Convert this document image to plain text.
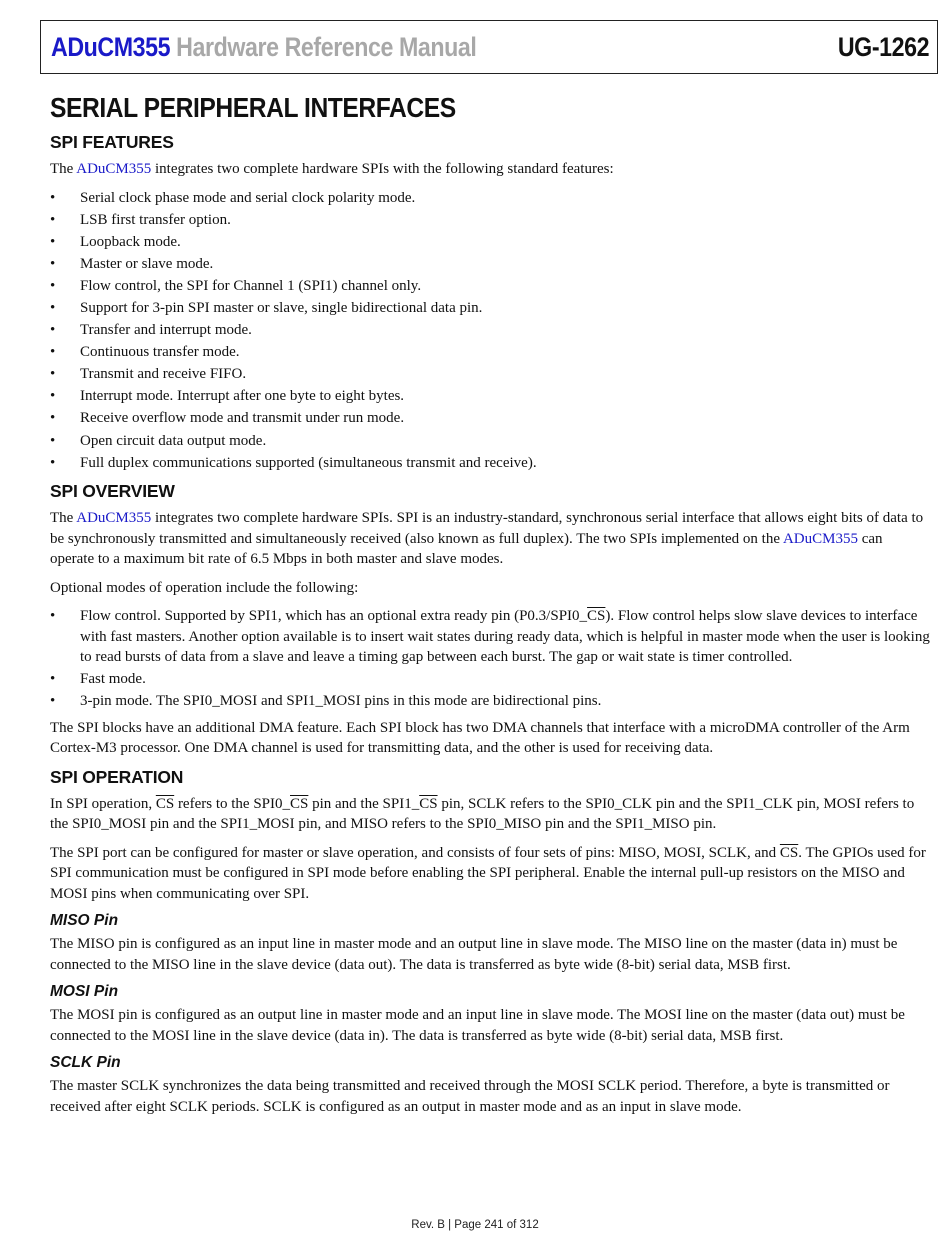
ADuCM355 Hardware Reference Manual	UG-1262
SERIAL PERIPHERAL INTERFACES
SPI FEATURES

The ADuCM355 integrates two complete hardware SPIs with the following standard features:

• Serial clock phase mode and serial clock polarity mode.
• LSB first transfer option.
• Loopback mode.
• Master or slave mode.
• Flow control, the SPI for Channel 1 (SPI1) channel only.
• Support for 3-pin SPI master or slave, single bidirectional data pin.
• Transfer and interrupt mode.
• Continuous transfer mode.
• Transmit and receive FIFO.
• Interrupt mode. Interrupt after one byte to eight bytes.
• Receive overflow mode and transmit under run mode.
• Open circuit data output mode.
• Full duplex communications supported (simultaneous transmit and receive).
SPI OVERVIEW

The ADuCM355 integrates two complete hardware SPIs. SPI is an industry-standard, synchronous serial interface that allows eight bits of data to be synchronously transmitted and simultaneously received (also known as full duplex). The two SPIs implemented on the ADuCM355 can operate to a maximum bit rate of 6.5 Mbps in both master and slave modes.

Optional modes of operation include the following:

• Flow control. Supported by SPI1, which has an optional extra ready pin $(P0.3/SPI0\_\overline{CS})$. Flow control helps slow slave devices to interface with fast masters. Another option available is to insert wait states during ready data, which is helpful in master mode when the user is looking to read bursts of data from a slave and leave a timing gap between each burst. The gap or wait state is timer controlled.
• Fast mode.
• 3-pin mode. The SPI0_MOSI and SPI1_MOSI pins in this mode are bidirectional pins.

The SPI blocks have an additional DMA feature. Each SPI block has two DMA channels that interface with a microDMA controller of the Arm Cortex-M3 processor. One DMA channel is used for transmitting data, and the other is used for receiving data.

SPI OPERATION

In SPI operation, $\overline{CS}$ refers to the $SPI0\_\overline{CS}$ pin and the $SPI1\_\overline{CS}$ pin, SCLK refers to the SPI0_CLK pin and the SPI1_CLK pin, MOSI refers to the SPI0_MOSI pin and the SPI1_MOSI pin, and MISO refers to the SPI0_MISO pin and the SPI1_MISO pin.

The SPI port can be configured for master or slave operation, and consists of four sets of pins: MISO, MOSI, SCLK, and $\overline{CS}$. The GPIOs used for SPI communication must be configured in SPI mode before enabling the SPI peripheral. Enable the internal pull-up resistors on the MISO and MOSI pins when communicating over SPI.

MISO Pin

The MISO pin is configured as an input line in master mode and an output line in slave mode. The MISO line on the master (data in) must be connected to the MISO line in the slave device (data out). The data is transferred as byte wide (8-bit) serial data, MSB first.

MOSI Pin

The MOSI pin is configured as an output line in master mode and an input line in slave mode. The MOSI line on the master (data out) must be connected to the MOSI line in the slave device (data in). The data is transferred as byte wide (8-bit) serial data, MSB first.

SCLK Pin

The master SCLK synchronizes the data being transmitted and received through the MOSI SCLK period. Therefore, a byte is transmitted or received after eight SCLK periods. SCLK is configured as an output in master mode and as an input in slave mode.

Rev. B | Page 241 of 312
